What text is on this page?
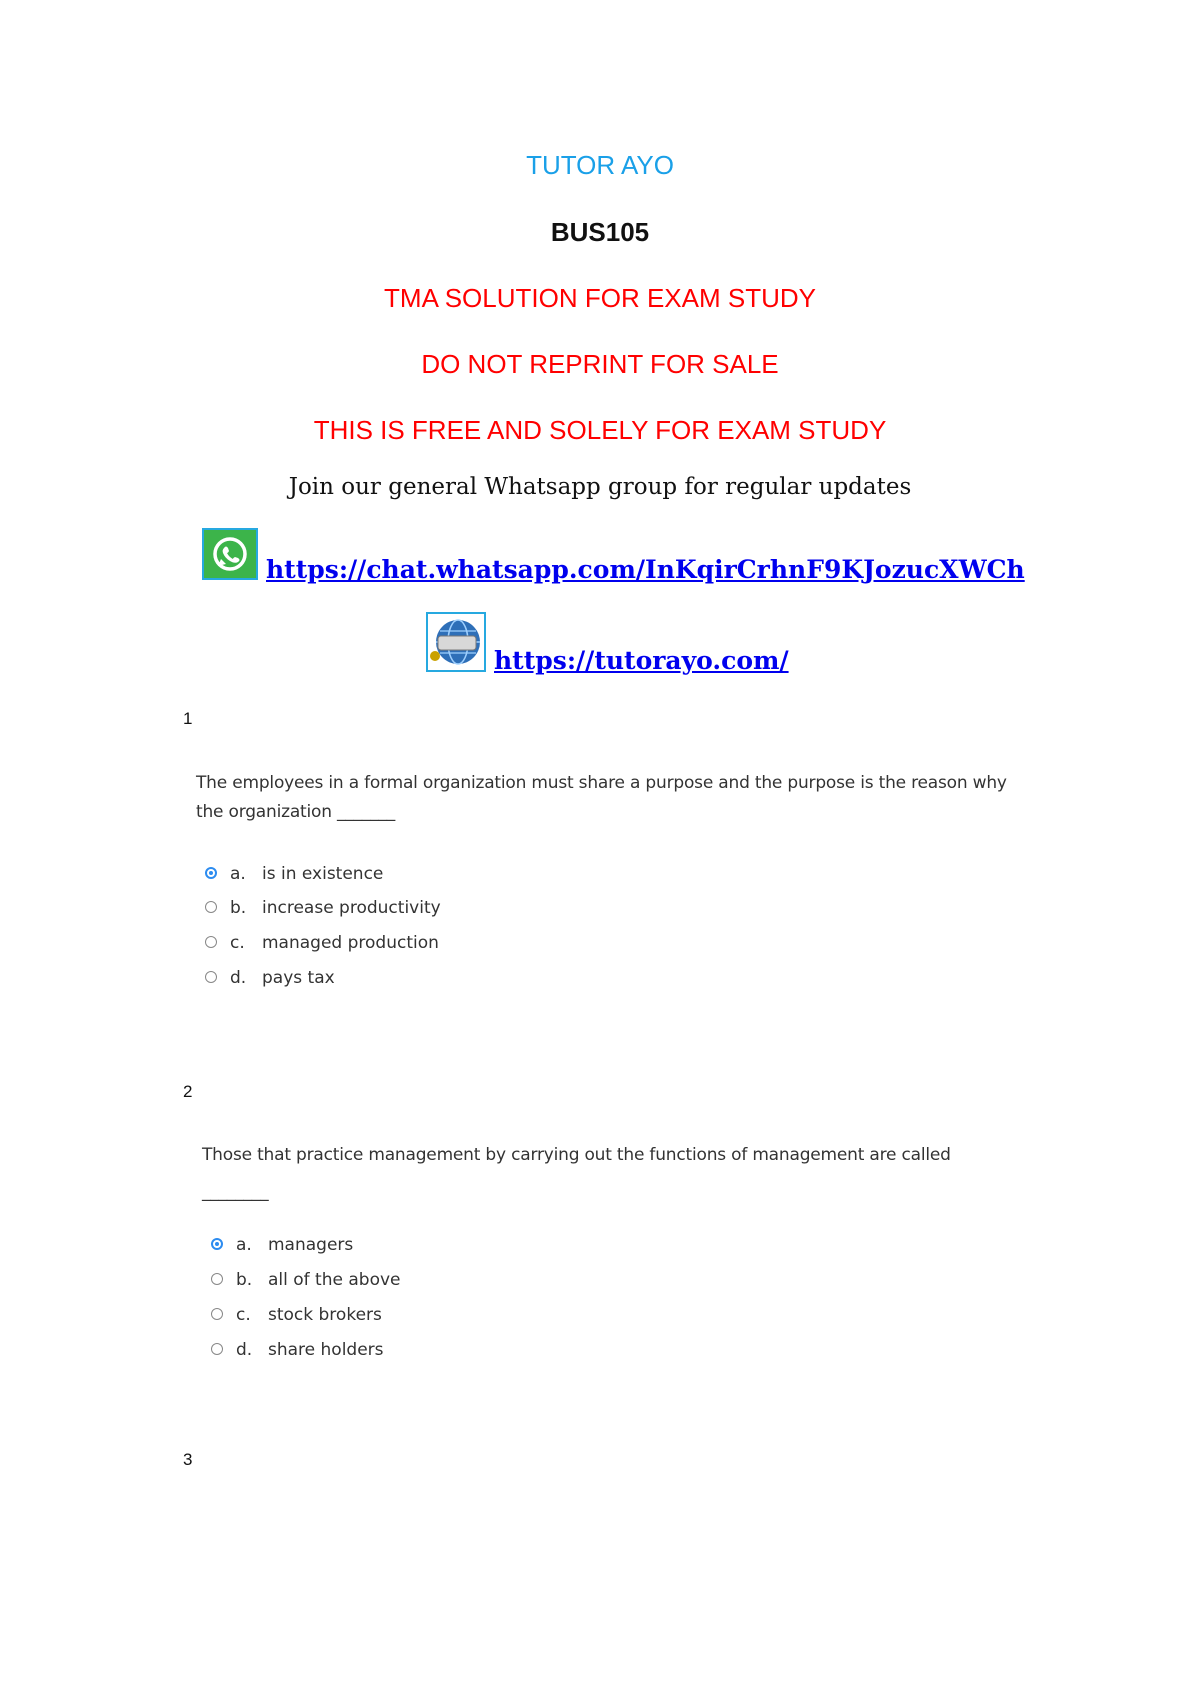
TUTOR AYO
BUS105
TMA SOLUTION FOR EXAM STUDY
DO NOT REPRINT FOR SALE
THIS IS FREE AND SOLELY FOR EXAM STUDY
Join our general Whatsapp group for regular updates
https://chat.whatsapp.com/InKqirCrhnF9KJozucXWCh
https://tutorayo.com/
1
The employees in a formal organization must share a purpose and the purpose is the reason why
the organization _______
a. is in existence
b. increase productivity
c. managed production
d. pays tax
2
Those that practice management by carrying out the functions of management are called
________
a. managers
b. all of the above
c. stock brokers
d. share holders
3
